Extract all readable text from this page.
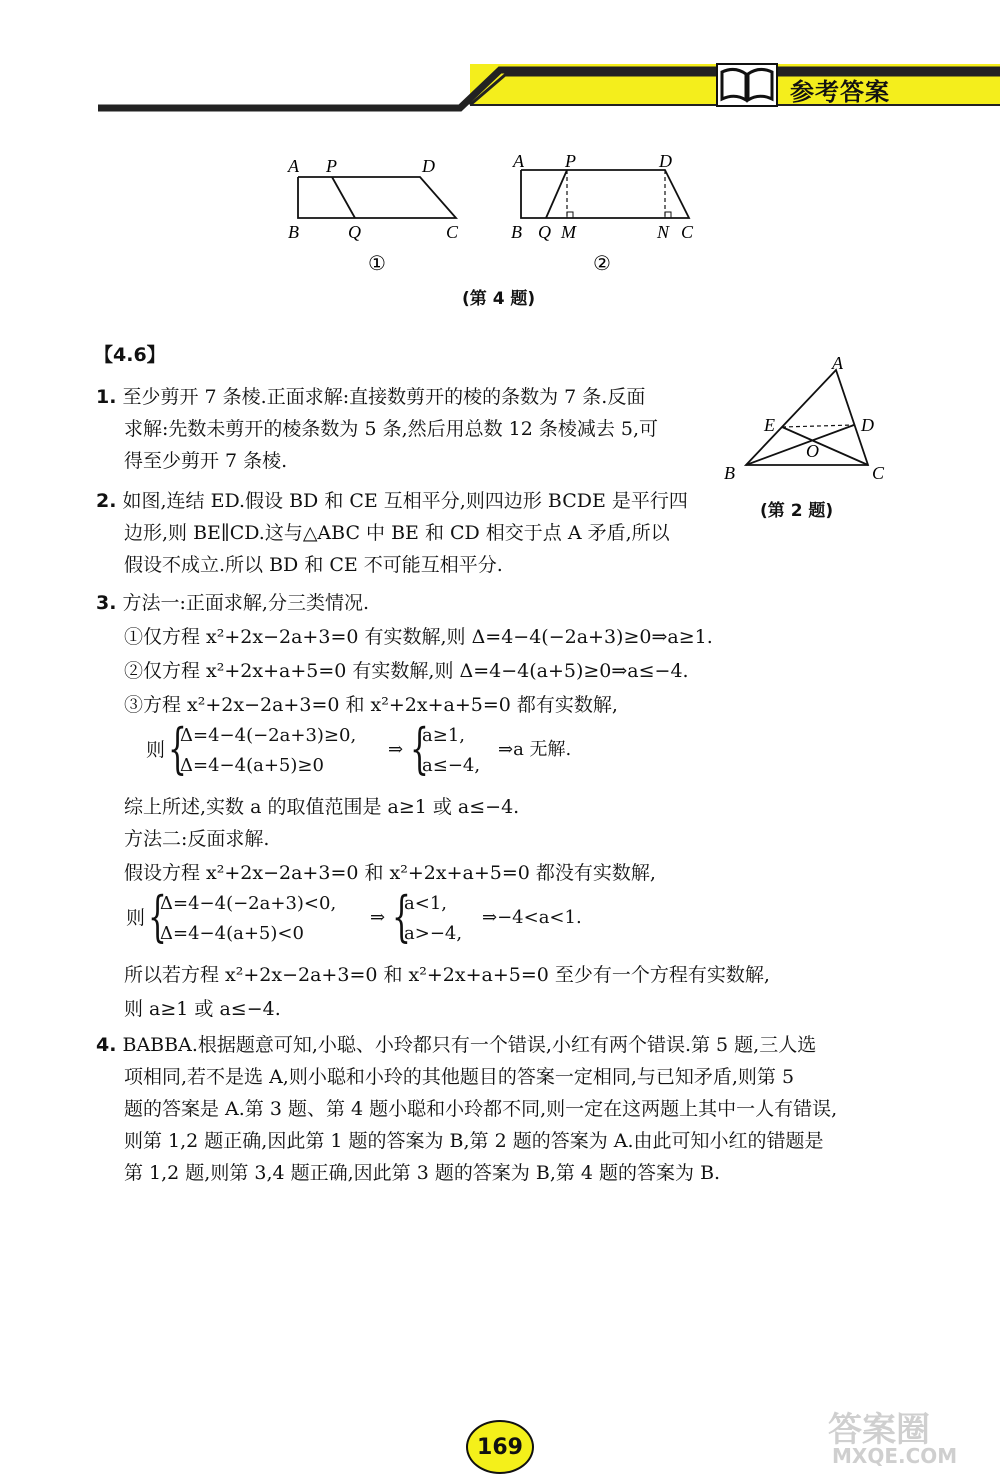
参考答案
A P	D
B	Q	C
①
A P	D
B Q M	N C
②
(第 4 题)
【4.6】
1. 至少剪开 7 条棱.正面求解:直接数剪开的棱的条数为 7 条.反面
求解:先数未剪开的棱条数为 5 条,然后用总数 12 条棱减去 5,可
得至少剪开 7 条棱.
A
E	D
O
B	C
(第 2 题)
2. 如图,连结 ED.假设 BD 和 CE 互相平分,则四边形 BCDE 是平行四
边形,则 BE∥CD.这与△ABC 中 BE 和 CD 相交于点 A 矛盾,所以
假设不成立.所以 BD 和 CE 不可能互相平分.
3. 方法一:正面求解,分三类情况.
①仅方程 x²+2x−2a+3=0 有实数解,则 Δ=4−4(−2a+3)≥0⇒a≥1.
②仅方程 x²+2x+a+5=0 有实数解,则 Δ=4−4(a+5)≥0⇒a≤−4.
③方程 x²+2x−2a+3=0 和 x²+2x+a+5=0 都有实数解,
则 {
Δ=4−4(−2a+3)≥0,
Δ=4−4(a+5)≥0
⇒ {
a≥1,
a≤−4,
⇒a 无解.
综上所述,实数 a 的取值范围是 a≥1 或 a≤−4.
方法二:反面求解.
假设方程 x²+2x−2a+3=0 和 x²+2x+a+5=0 都没有实数解,
则 {
Δ=4−4(−2a+3)<0,
Δ=4−4(a+5)<0
⇒ {
a<1,
a>−4,
⇒−4<a<1.
所以若方程 x²+2x−2a+3=0 和 x²+2x+a+5=0 至少有一个方程有实数解,
则 a≥1 或 a≤−4.
4. BABBA.根据题意可知,小聪、小玲都只有一个错误,小红有两个错误.第 5 题,三人选
项相同,若不是选 A,则小聪和小玲的其他题目的答案一定相同,与已知矛盾,则第 5
题的答案是 A.第 3 题、第 4 题小聪和小玲都不同,则一定在这两题上其中一人有错误,
则第 1,2 题正确,因此第 1 题的答案为 B,第 2 题的答案为 A.由此可知小红的错题是
第 1,2 题,则第 3,4 题正确,因此第 3 题的答案为 B,第 4 题的答案为 B.
169	答案圈
MXQE.COM
